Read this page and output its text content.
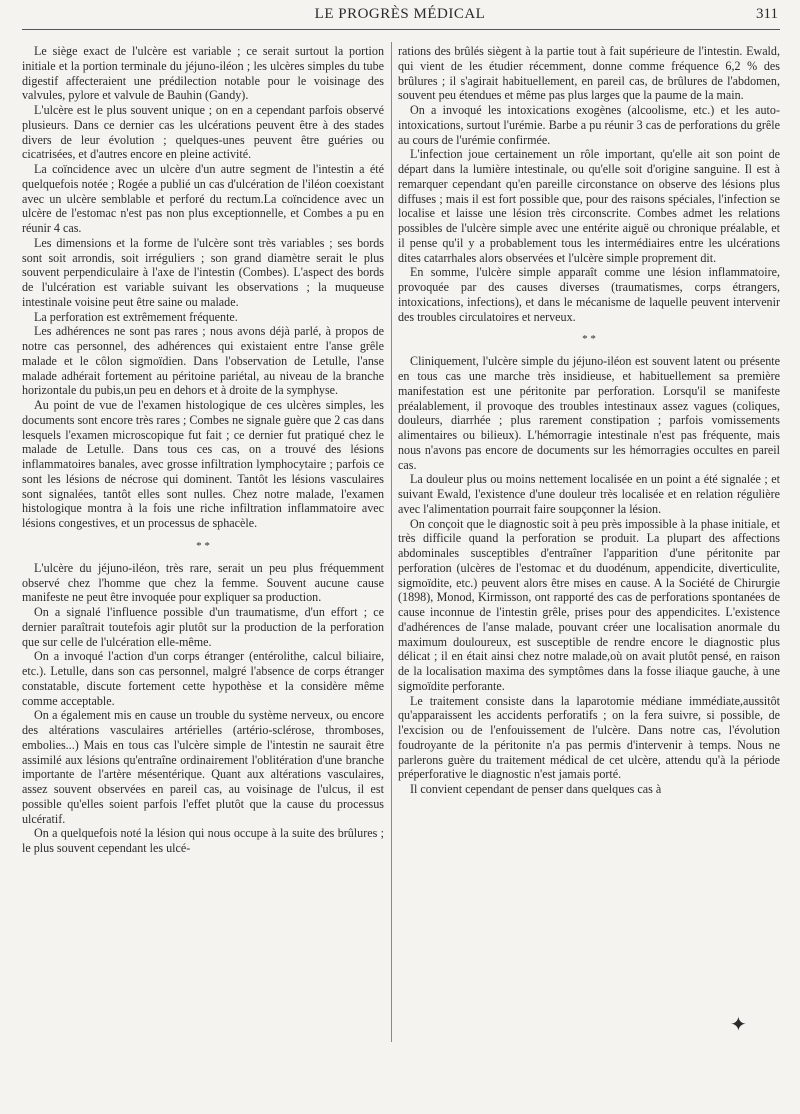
LE PROGRÈS MÉDICAL	311

Le siège exact de l'ulcère est variable ; ce serait surtout la portion initiale et la portion terminale du jéjuno-iléon ; les ulcères simples du tube digestif affecteraient une prédilection notable pour le voisinage des valvules, pylore et valvule de Bauhin (Gandy).

L'ulcère est le plus souvent unique ; on en a cependant parfois observé plusieurs. Dans ce dernier cas les ulcérations peuvent être à des stades divers de leur évolution ; quelques-unes peuvent être guéries ou cicatrisées, et d'autres encore en pleine activité.

La coïncidence avec un ulcère d'un autre segment de l'intestin a été quelquefois notée ; Rogée a publié un cas d'ulcération de l'iléon coexistant avec un ulcère semblable et perforé du rectum.La coïncidence avec un ulcère de l'estomac n'est pas non plus exceptionnelle, et Combes a pu en réunir 4 cas.

Les dimensions et la forme de l'ulcère sont très variables ; ses bords sont soit arrondis, soit irréguliers ; son grand diamètre serait le plus souvent perpendiculaire à l'axe de l'intestin (Combes). L'aspect des bords de l'ulcération est variable suivant les observations ; la muqueuse intestinale voisine peut être saine ou malade.

La perforation est extrêmement fréquente.

Les adhérences ne sont pas rares ; nous avons déjà parlé, à propos de notre cas personnel, des adhérences qui existaient entre l'anse grêle malade et le côlon sigmoïdien. Dans l'observation de Letulle, l'anse malade adhérait fortement au péritoine pariétal, au niveau de la branche horizontale du pubis,un peu en dehors et à droite de la symphyse.

Au point de vue de l'examen histologique de ces ulcères simples, les documents sont encore très rares ; Combes ne signale guère que 2 cas dans lesquels l'examen microscopique fut fait ; ce dernier fut pratiqué chez le malade de Letulle. Dans tous ces cas, on a trouvé des lésions inflammatoires banales, avec grosse infiltration lymphocytaire ; parfois ce sont les lésions de nécrose qui dominent. Tantôt les lésions vasculaires sont signalées, tantôt elles sont nulles. Chez notre malade, l'examen histologique montra à la fois une riche infiltration inflammatoire avec lésions congestives, et un processus de sphacèle.

* *

L'ulcère du jéjuno-iléon, très rare, serait un peu plus fréquemment observé chez l'homme que chez la femme. Souvent aucune cause manifeste ne peut être invoquée pour expliquer sa production.

On a signalé l'influence possible d'un traumatisme, d'un effort ; ce dernier paraîtrait toutefois agir plutôt sur la production de la perforation que sur celle de l'ulcération elle-même.

On a invoqué l'action d'un corps étranger (entérolithe, calcul biliaire, etc.). Letulle, dans son cas personnel, malgré l'absence de corps étranger constatable, discute fortement cette hypothèse et la considère même comme acceptable.

On a également mis en cause un trouble du système nerveux, ou encore des altérations vasculaires artérielles (artério-sclérose, thromboses, embolies...) Mais en tous cas l'ulcère simple de l'intestin ne saurait être assimilé aux lésions qu'entraîne ordinairement l'oblitération d'une branche importante de l'artère mésentérique. Quant aux altérations vasculaires, assez souvent observées en pareil cas, au voisinage de l'ulcus, il est possible qu'elles soient parfois l'effet plutôt que la cause du processus ulcératif.

On a quelquefois noté la lésion qui nous occupe à la suite des brûlures ; le plus souvent cependant les ulcé-

rations des brûlés siègent à la partie tout à fait supérieure de l'intestin. Ewald, qui vient de les étudier récemment, donne comme fréquence 6,2 % des brûlures ; il s'agirait habituellement, en pareil cas, de brûlures de l'abdomen, souvent peu étendues et même pas plus larges que la paume de la main.

On a invoqué les intoxications exogènes (alcoolisme, etc.) et les auto-intoxications, surtout l'urémie. Barbe a pu réunir 3 cas de perforations du grêle au cours de l'urémie confirmée.

L'infection joue certainement un rôle important, qu'elle ait son point de départ dans la lumière intestinale, ou qu'elle soit d'origine sanguine. Il est à remarquer cependant qu'en pareille circonstance on observe des lésions plus diffuses ; mais il est fort possible que, pour des raisons spéciales, l'infection se localise et laisse une lésion très circonscrite. Combes admet les relations possibles de l'ulcère simple avec une entérite aiguë ou chronique préalable, et il pense qu'il y a probablement tous les intermédiaires entre les ulcérations dites catarrhales alors observées et l'ulcère simple proprement dit.

En somme, l'ulcère simple apparaît comme une lésion inflammatoire, provoquée par des causes diverses (traumatismes, corps étrangers, intoxications, infections), et dans le mécanisme de laquelle peuvent intervenir des troubles circulatoires et nerveux.

* *

Cliniquement, l'ulcère simple du jéjuno-iléon est souvent latent ou présente en tous cas une marche très insidieuse, et habituellement sa première manifestation est une péritonite par perforation. Lorsqu'il se manifeste préalablement, il provoque des troubles intestinaux assez vagues (coliques, douleurs, diarrhée ; plus rarement constipation ; parfois vomissements alimentaires ou bilieux). L'hémorragie intestinale n'est pas fréquente, mais nous n'avons pas encore de documents sur les hémorragies occultes en pareil cas.

La douleur plus ou moins nettement localisée en un point a été signalée ; et suivant Ewald, l'existence d'une douleur très localisée et en relation régulière avec l'alimentation pourrait faire soupçonner la lésion.

On conçoit que le diagnostic soit à peu près impossible à la phase initiale, et très difficile quand la perforation se produit. La plupart des affections abdominales susceptibles d'entraîner l'apparition d'une péritonite par perforation (ulcères de l'estomac et du duodénum, appendicite, diverticulite, sigmoïdite, etc.) peuvent alors être mises en cause. A la Société de Chirurgie (1898), Monod, Kirmisson, ont rapporté des cas de perforations spontanées de cause inconnue de l'intestin grêle, prises pour des appendicites. L'existence d'adhérences de l'anse malade, pouvant créer une localisation anormale du maximum douloureux, est susceptible de rendre encore le diagnostic plus délicat ; il en était ainsi chez notre malade,où on avait plutôt pensé, en raison de la localisation maxima des symptômes dans la fosse iliaque gauche, à une sigmoïdite perforante.

Le traitement consiste dans la laparotomie médiane immédiate,aussitôt qu'apparaissent les accidents perforatifs ; on la fera suivre, si possible, de l'excision ou de l'enfouissement de l'ulcère. Dans notre cas, l'évolution foudroyante de la péritonite n'a pas permis d'intervenir à temps. Nous ne parlerons guère du traitement médical de cet ulcère, attendu qu'à la période préperforative le diagnostic n'est jamais porté.

Il convient cependant de penser dans quelques cas à

✦
